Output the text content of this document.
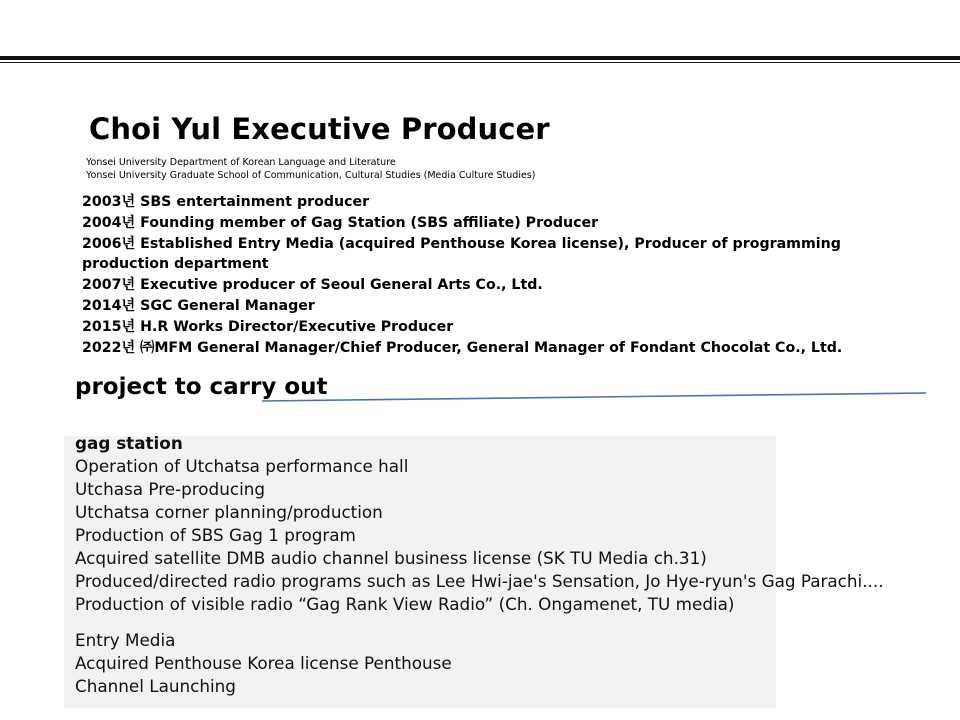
Choi Yul Executive Producer
Yonsei University Department of Korean Language and Literature
Yonsei University Graduate School of Communication, Cultural Studies (Media Culture Studies)
2003년 SBS entertainment producer
2004년 Founding member of Gag Station (SBS affiliate) Producer
2006년 Established Entry Media (acquired Penthouse Korea license), Producer of programming production department
2007년 Executive producer of Seoul General Arts Co., Ltd.
2014년 SGC General Manager
2015년 H.R Works Director/Executive Producer
2022년 ㈜MFM General Manager/Chief Producer, General Manager of Fondant Chocolat Co., Ltd.
project to carry out
gag station
Operation of Utchatsa performance hall
Utchasa Pre-producing
Utchatsa corner planning/production
Production of SBS Gag 1 program
Acquired satellite DMB audio channel business license (SK TU Media ch.31)
Produced/directed radio programs such as Lee Hwi-jae's Sensation, Jo Hye-ryun's Gag Parachi....
Production of visible radio “Gag Rank View Radio” (Ch. Ongamenet, TU media)
Entry Media
Acquired Penthouse Korea license Penthouse
Channel Launching
